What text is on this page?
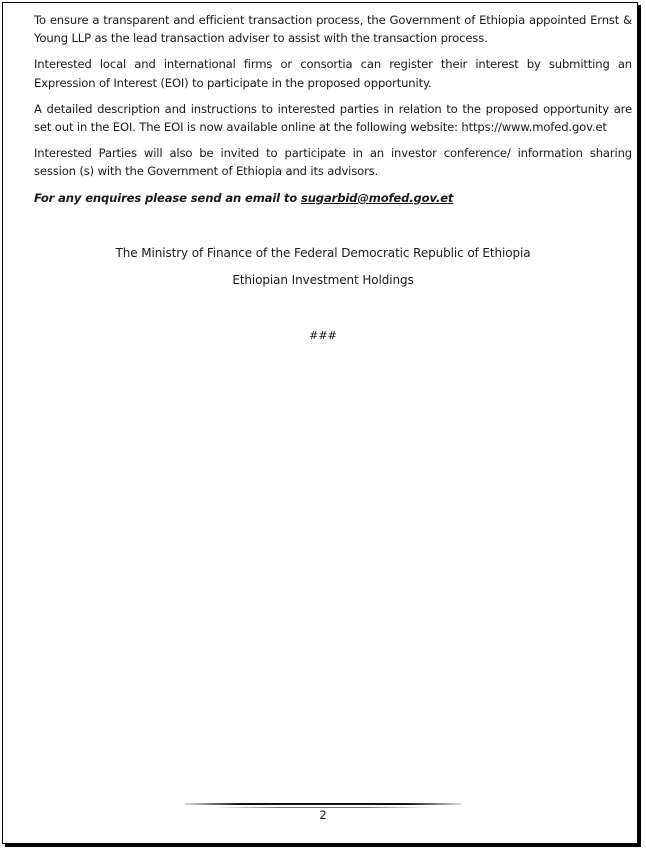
To ensure a transparent and efficient transaction process, the Government of Ethiopia appointed Ernst & Young LLP as the lead transaction adviser to assist with the transaction process.

Interested local and international firms or consortia can register their interest by submitting an Expression of Interest (EOI) to participate in the proposed opportunity.

A detailed description and instructions to interested parties in relation to the proposed opportunity are set out in the EOI. The EOI is now available online at the following website: https://www.mofed.gov.et

Interested Parties will also be invited to participate in an investor conference/ information sharing session (s) with the Government of Ethiopia and its advisors.

For any enquires please send an email to sugarbid@mofed.gov.et

The Ministry of Finance of the Federal Democratic Republic of Ethiopia
Ethiopian Investment Holdings
###
2
